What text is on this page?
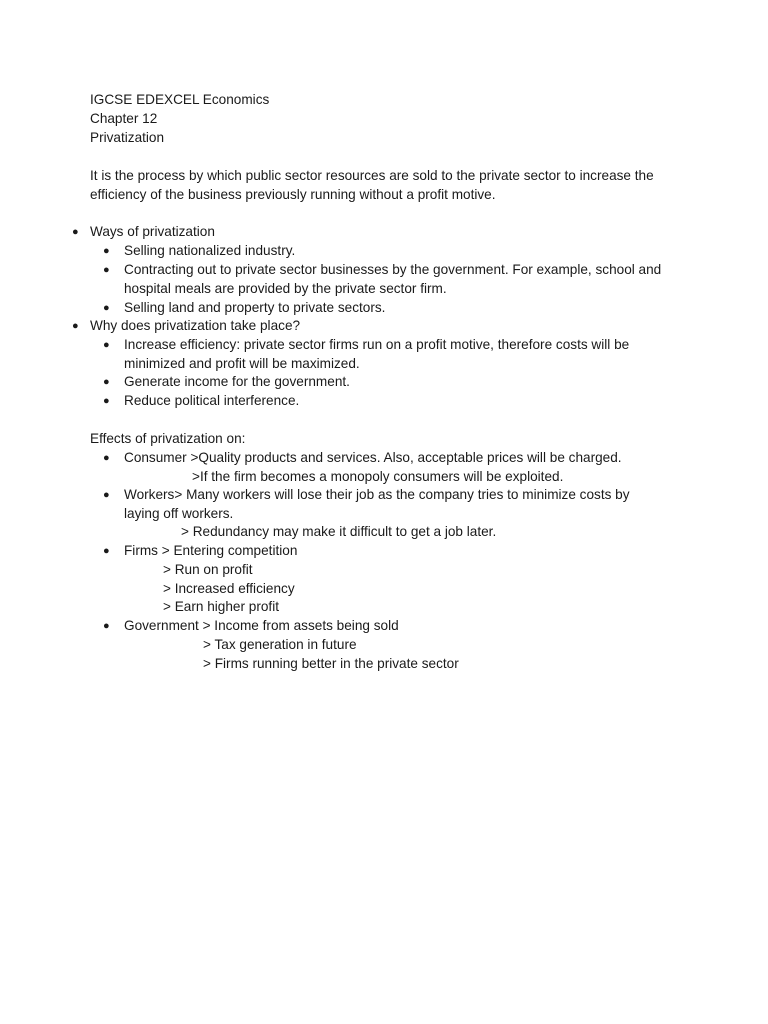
IGCSE EDEXCEL Economics
Chapter 12
Privatization
It is the process by which public sector resources are sold to the private sector to increase the
efficiency of the business previously running without a profit motive.
● Ways of privatization
● Selling nationalized industry.
● Contracting out to private sector businesses by the government. For example, school and
hospital meals are provided by the private sector firm.
● Selling land and property to private sectors.
● Why does privatization take place?
● Increase efficiency: private sector firms run on a profit motive, therefore costs will be
minimized and profit will be maximized.
● Generate income for the government.
● Reduce political interference.
Effects of privatization on:
● Consumer >Quality products and services. Also, acceptable prices will be charged.
>If the firm becomes a monopoly consumers will be exploited.
● Workers> Many workers will lose their job as the company tries to minimize costs by
laying off workers.
> Redundancy may make it difficult to get a job later.
● Firms > Entering competition
> Run on profit
> Increased efficiency
> Earn higher profit
● Government > Income from assets being sold
> Tax generation in future
> Firms running better in the private sector
